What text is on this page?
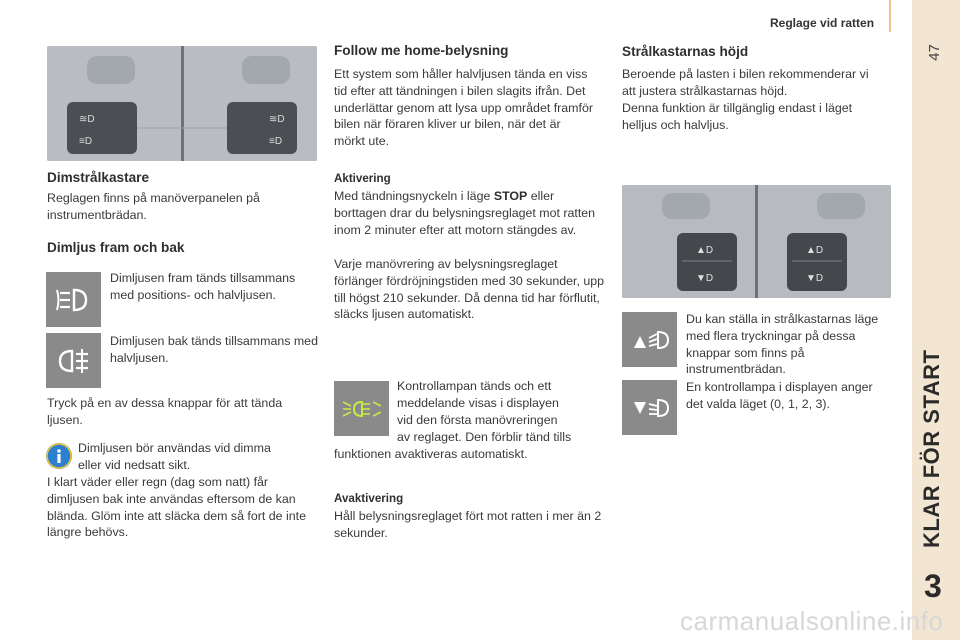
Reglage vid ratten
47
KLAR FÖR START
3
≋D
≡D
≋D
≡D
Dimstrålkastare

Reglagen finns på manöverpanelen på instrumentbrädan.

Dimljus fram och bak

Dimljusen fram tänds tillsammans med positions- och halvljusen.

Dimljusen bak tänds tillsammans med halvljusen.

Tryck på en av dessa knappar för att tända ljusen.

Dimljusen bör användas vid dimma

eller vid nedsatt sikt.

I klart väder eller regn (dag som natt) får dimljusen bak inte användas eftersom de kan blända. Glöm inte att släcka dem så fort de inte längre behövs.

Follow me home-belysning

Ett system som håller halvljusen tända en viss tid efter att tändningen i bilen slagits ifrån. Det underlättar genom att lysa upp området framför bilen när föraren kliver ur bilen, när det är mörkt ute.

Aktivering

Med tändningsnyckeln i läge STOP eller borttagen drar du belysningsreglaget mot ratten inom 2 minuter efter att motorn stängdes av.

Varje manövrering av belysningsreglaget förlänger fördröjningstiden med 30 sekunder, upp till högst 210 sekunder. Då denna tid har förflutit, släcks ljusen automatiskt.

Kontrollampan tänds och ett

meddelande visas i displayen

vid den första manövreringen

av reglaget. Den förblir tänd tills

funktionen avaktiveras automatiskt.

Avaktivering

Håll belysningsreglaget fört mot ratten i mer än 2 sekunder.

Strålkastarnas höjd

Beroende på lasten i bilen rekommenderar vi att justera strålkastarnas höjd.

Denna funktion är tillgänglig endast i läget helljus och halvljus.

▲D
▼D
▲D
▼D

Du kan ställa in strålkastarnas läge med flera tryckningar på dessa knappar som finns på instrumentbrädan.

En kontrollampa i displayen anger det valda läget (0, 1, 2, 3).

carmanualsonline.info
